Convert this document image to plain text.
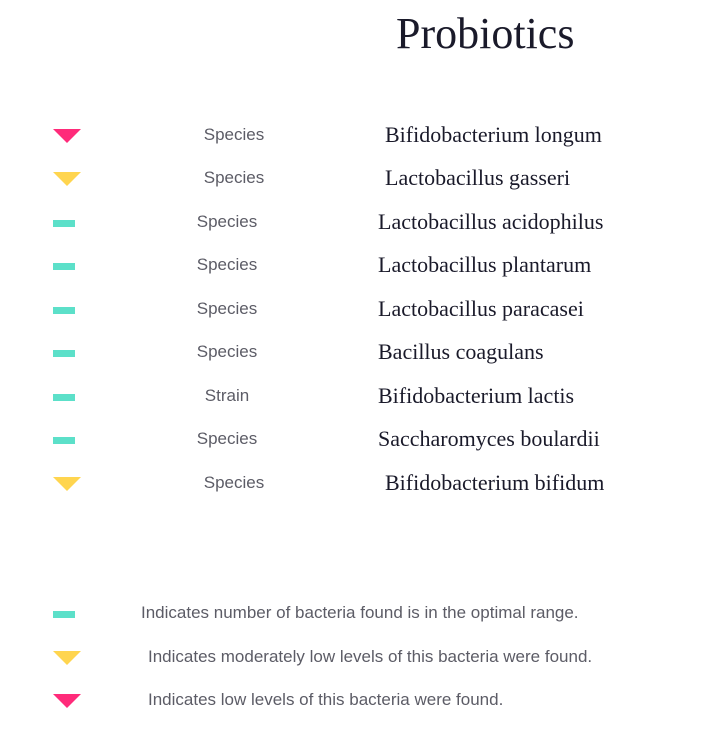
Probiotics
Species	Bifidobacterium longum
Species	Lactobacillus gasseri
Species	Lactobacillus acidophilus
Species	Lactobacillus plantarum
Species	Lactobacillus paracasei
Species	Bacillus coagulans
Strain	Bifidobacterium lactis
Species	Saccharomyces boulardii
Species	Bifidobacterium bifidum
Indicates number of bacteria found is in the optimal range.
Indicates moderately low levels of this bacteria were found.
Indicates low levels of this bacteria were found.
